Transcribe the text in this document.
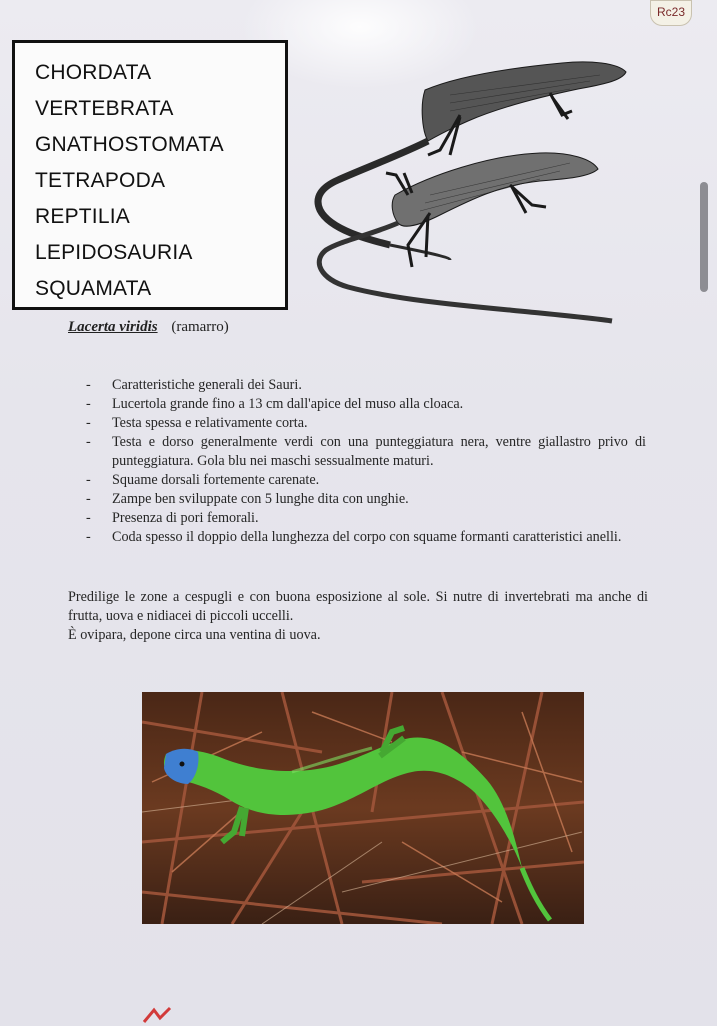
Rc23
CHORDATA
VERTEBRATA
GNATHOSTOMATA
TETRAPODA
REPTILIA
LEPIDOSAURIA
SQUAMATA
Lacerta viridis (ramarro)
- Caratteristiche generali dei Sauri.
- Lucertola grande fino a 13 cm dall'apice del muso alla cloaca.
- Testa spessa e relativamente corta.
- Testa e dorso generalmente verdi con una punteggiatura nera, ventre giallastro privo di punteggiatura. Gola blu nei maschi sessualmente maturi.
- Squame dorsali fortemente carenate.
- Zampe ben sviluppate con 5 lunghe dita con unghie.
- Presenza di pori femorali.
- Coda spesso il doppio della lunghezza del corpo con squame formanti caratteristici anelli.
Predilige le zone a cespugli e con buona esposizione al sole. Si nutre di invertebrati ma anche di frutta, uova e nidiacei di piccoli uccelli.
È ovipara, depone circa una ventina di uova.
